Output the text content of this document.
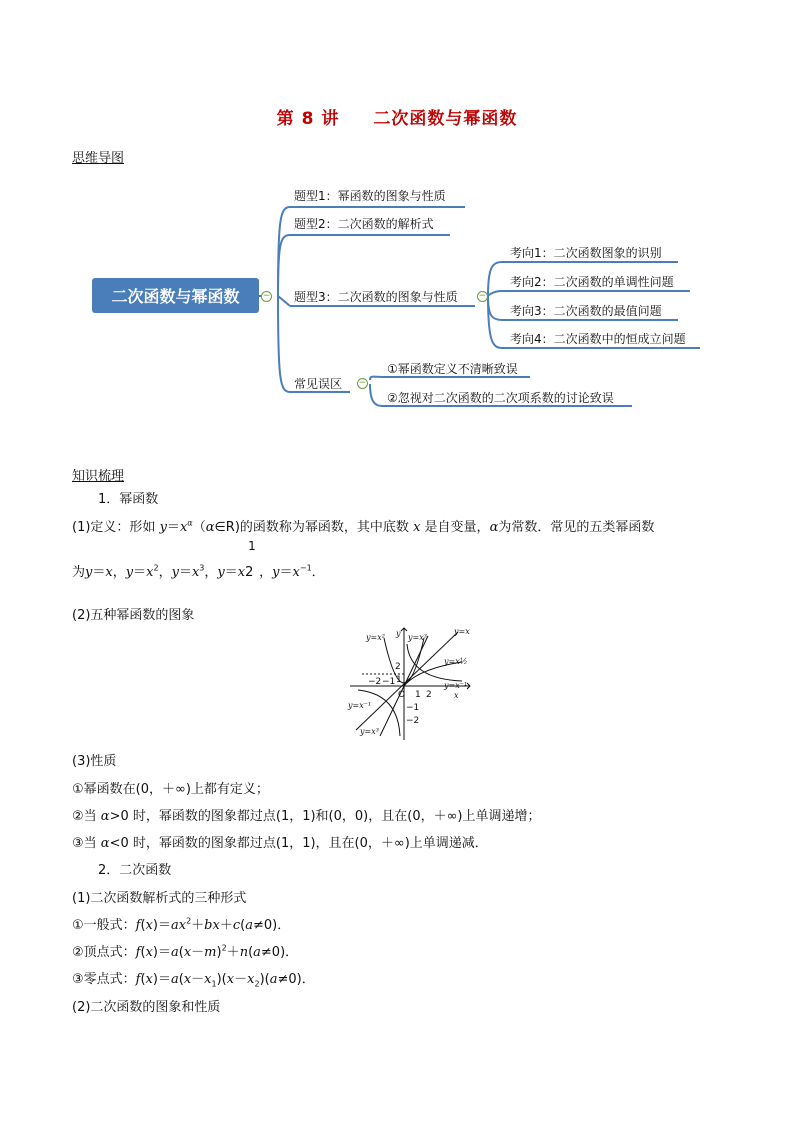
第 8 讲 二次函数与幂函数
思维导图
二次函数与幂函数	−
题型1：幂函数的图象与性质
题型2：二次函数的解析式
题型3：二次函数的图象与性质 −
常见误区 −
考向1：二次函数图象的识别
考向2：二次函数的单调性问题
考向3：二次函数的最值问题
考向4：二次函数中的恒成立问题
①幂函数定义不清晰致误
②忽视对二次函数的二次项系数的讨论致误
知识梳理
1．幂函数
(1)定义：形如 $y=x^\alpha(\alpha\in R)$的函数称为幂函数，其中底数 x 是自变量，α为常数．常见的五类幂函数
为y＝x，$y=x^2$，$y=x^3$，y＝x
1
2 ，$y=x^{-1}$．
(2)五种幂函数的图象
y=x²	y=x³
y=x
y=x½
y=x⁻¹
y=x⁻¹
y=x³
y
x
−2 −1
O 1 2
2
1
−1
−2
(3)性质
①幂函数在(0，＋∞)上都有定义；
②当 α>0 时，幂函数的图象都过点(1，1)和(0，0)，且在(0，＋∞)上单调递增；
③当 α<0 时，幂函数的图象都过点(1，1)，且在(0，＋∞)上单调递减．
2．二次函数
(1)二次函数解析式的三种形式
①一般式：$f(x)=ax^2+bx+c(a\ne 0)$．
②顶点式：$f(x)=a(x-m)^2+n(a\ne 0)$．
③零点式：$f(x)=a(x-x_1)(x-x_2)(a\ne 0)$．
(2)二次函数的图象和性质
